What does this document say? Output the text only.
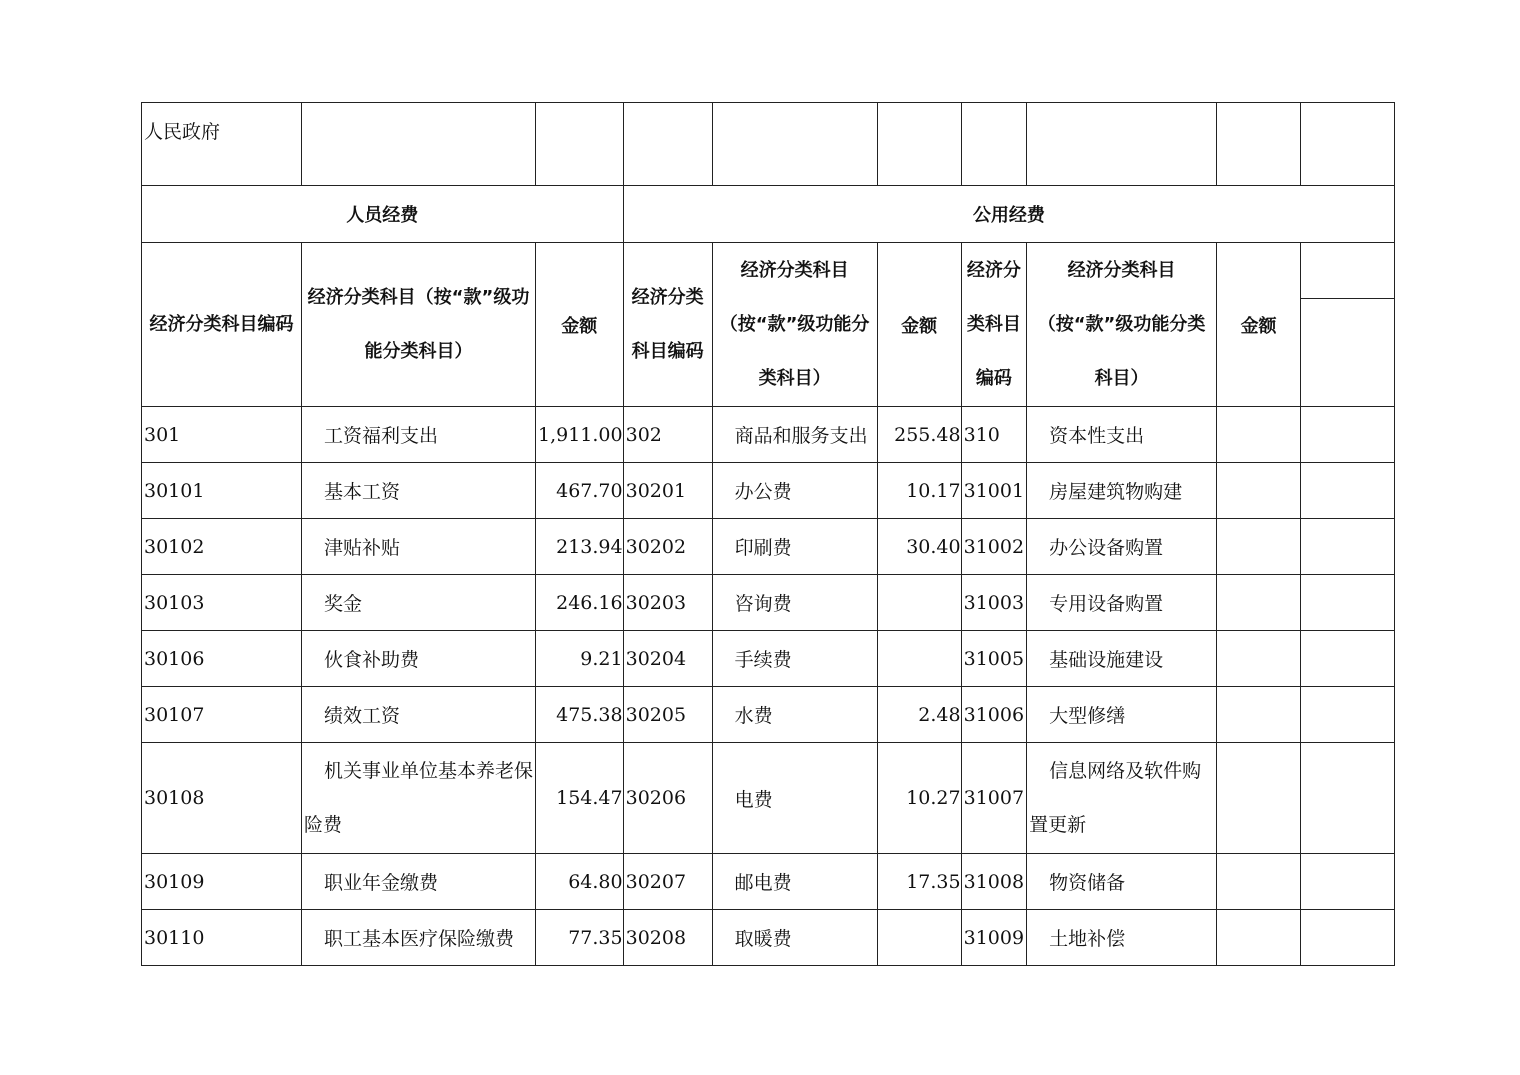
人民政府									
人员经费			公用经费						
经济分类科目编码	经济分类科目（按“款”级功能分类科目）	金额	经济分类科目编码	经济分类科目（按“款”级功能分类科目）	金额	经济分类科目编码	经济分类科目（按“款”级功能分类科目）	金额	

301	工资福利支出	1,911.00	302	商品和服务支出	255.48	310	资本性支出		
30101	基本工资	467.70	30201	办公费	10.17	31001	房屋建筑物购建		
30102	津贴补贴	213.94	30202	印刷费	30.40	31002	办公设备购置		
30103	奖金	246.16	30203	咨询费		31003	专用设备购置		
30106	伙食补助费	9.21	30204	手续费		31005	基础设施建设		
30107	绩效工资	475.38	30205	水费	2.48	31006	大型修缮		
30108	机关事业单位基本养老保险费	154.47	30206	电费	10.27	31007	信息网络及软件购置更新		
30109	职业年金缴费	64.80	30207	邮电费	17.35	31008	物资储备		
30110	职工基本医疗保险缴费	77.35	30208	取暖费		31009	土地补偿		
